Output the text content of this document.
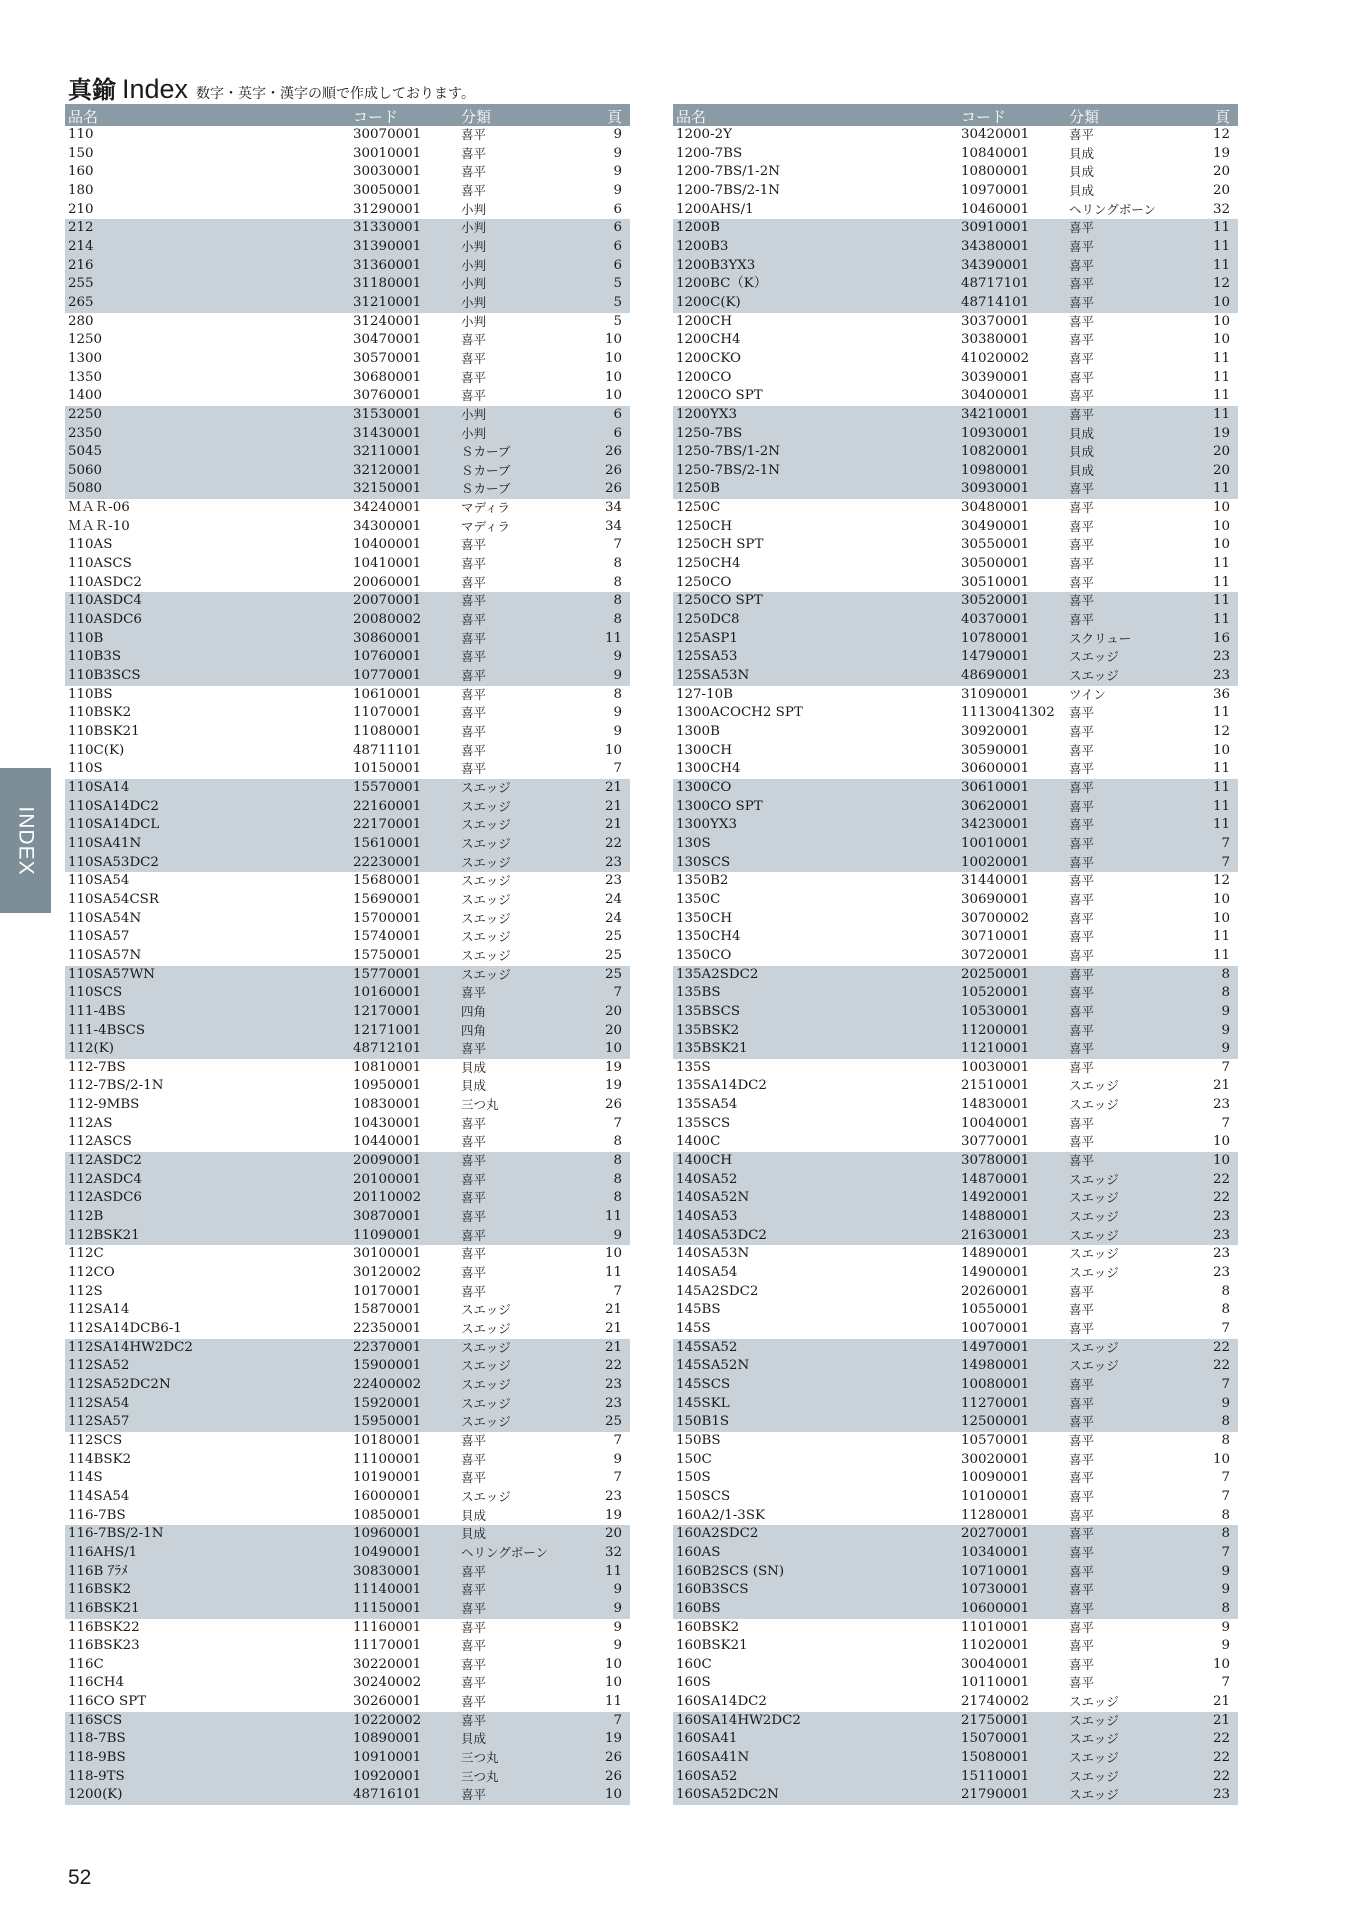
真鍮 Index 数字・英字・漢字の順で作成しております。
品名	コード	分類	頁
110	30070001	喜平	9
150	30010001	喜平	9
160	30030001	喜平	9
180	30050001	喜平	9
210	31290001	小判	6
212	31330001	小判	6
214	31390001	小判	6
216	31360001	小判	6
255	31180001	小判	5
265	31210001	小判	5
280	31240001	小判	5
1250	30470001	喜平	10
1300	30570001	喜平	10
1350	30680001	喜平	10
1400	30760001	喜平	10
2250	31530001	小判	6
2350	31430001	小判	6
5045	32110001	Ｓカーブ	26
5060	32120001	Ｓカーブ	26
5080	32150001	Ｓカーブ	26
ＭＡＲ-06	34240001	マディラ	34
ＭＡＲ-10	34300001	マディラ	34
110AS	10400001	喜平	7
110ASCS	10410001	喜平	8
110ASDC2	20060001	喜平	8
110ASDC4	20070001	喜平	8
110ASDC6	20080002	喜平	8
110B	30860001	喜平	11
110B3S	10760001	喜平	9
110B3SCS	10770001	喜平	9
110BS	10610001	喜平	8
110BSK2	11070001	喜平	9
110BSK21	11080001	喜平	9
110C(K)	48711101	喜平	10
110S	10150001	喜平	7
110SA14	15570001	スエッジ	21
110SA14DC2	22160001	スエッジ	21
110SA14DCL	22170001	スエッジ	21
110SA41N	15610001	スエッジ	22
110SA53DC2	22230001	スエッジ	23
110SA54	15680001	スエッジ	23
110SA54CSR	15690001	スエッジ	24
110SA54N	15700001	スエッジ	24
110SA57	15740001	スエッジ	25
110SA57N	15750001	スエッジ	25
110SA57WN	15770001	スエッジ	25
110SCS	10160001	喜平	7
111-4BS	12170001	四角	20
111-4BSCS	12171001	四角	20
112(K)	48712101	喜平	10
112-7BS	10810001	貝成	19
112-7BS/2-1N	10950001	貝成	19
112-9MBS	10830001	三つ丸	26
112AS	10430001	喜平	7
112ASCS	10440001	喜平	8
112ASDC2	20090001	喜平	8
112ASDC4	20100001	喜平	8
112ASDC6	20110002	喜平	8
112B	30870001	喜平	11
112BSK21	11090001	喜平	9
112C	30100001	喜平	10
112CO	30120002	喜平	11
112S	10170001	喜平	7
112SA14	15870001	スエッジ	21
112SA14DCB6-1	22350001	スエッジ	21
112SA14HW2DC2	22370001	スエッジ	21
112SA52	15900001	スエッジ	22
112SA52DC2N	22400002	スエッジ	23
112SA54	15920001	スエッジ	23
112SA57	15950001	スエッジ	25
112SCS	10180001	喜平	7
114BSK2	11100001	喜平	9
114S	10190001	喜平	7
114SA54	16000001	スエッジ	23
116-7BS	10850001	貝成	19
116-7BS/2-1N	10960001	貝成	20
116AHS/1	10490001	ヘリングボーン	32
116B ｱﾗﾒ	30830001	喜平	11
116BSK2	11140001	喜平	9
116BSK21	11150001	喜平	9
116BSK22	11160001	喜平	9
116BSK23	11170001	喜平	9
116C	30220001	喜平	10
116CH4	30240002	喜平	10
116CO SPT	30260001	喜平	11
116SCS	10220002	喜平	7
118-7BS	10890001	貝成	19
118-9BS	10910001	三つ丸	26
118-9TS	10920001	三つ丸	26
1200(K)	48716101	喜平	10
品名	コード	分類	頁
1200-2Y	30420001	喜平	12
1200-7BS	10840001	貝成	19
1200-7BS/1-2N	10800001	貝成	20
1200-7BS/2-1N	10970001	貝成	20
1200AHS/1	10460001	ヘリングボーン	32
1200B	30910001	喜平	11
1200B3	34380001	喜平	11
1200B3YX3	34390001	喜平	11
1200BC（K）	48717101	喜平	12
1200C(K)	48714101	喜平	10
1200CH	30370001	喜平	10
1200CH4	30380001	喜平	10
1200CKO	41020002	喜平	11
1200CO	30390001	喜平	11
1200CO SPT	30400001	喜平	11
1200YX3	34210001	喜平	11
1250-7BS	10930001	貝成	19
1250-7BS/1-2N	10820001	貝成	20
1250-7BS/2-1N	10980001	貝成	20
1250B	30930001	喜平	11
1250C	30480001	喜平	10
1250CH	30490001	喜平	10
1250CH SPT	30550001	喜平	10
1250CH4	30500001	喜平	11
1250CO	30510001	喜平	11
1250CO SPT	30520001	喜平	11
1250DC8	40370001	喜平	11
125ASP1	10780001	スクリュー	16
125SA53	14790001	スエッジ	23
125SA53N	48690001	スエッジ	23
127-10B	31090001	ツイン	36
1300ACOCH2 SPT	11130041302 喜平	11
1300B	30920001	喜平	12
1300CH	30590001	喜平	10
1300CH4	30600001	喜平	11
1300CO	30610001	喜平	11
1300CO SPT	30620001	喜平	11
1300YX3	34230001	喜平	11
130S	10010001	喜平	7
130SCS	10020001	喜平	7
1350B2	31440001	喜平	12
1350C	30690001	喜平	10
1350CH	30700002	喜平	10
1350CH4	30710001	喜平	11
1350CO	30720001	喜平	11
135A2SDC2	20250001	喜平	8
135BS	10520001	喜平	8
135BSCS	10530001	喜平	9
135BSK2	11200001	喜平	9
135BSK21	11210001	喜平	9
135S	10030001	喜平	7
135SA14DC2	21510001	スエッジ	21
135SA54	14830001	スエッジ	23
135SCS	10040001	喜平	7
1400C	30770001	喜平	10
1400CH	30780001	喜平	10
140SA52	14870001	スエッジ	22
140SA52N	14920001	スエッジ	22
140SA53	14880001	スエッジ	23
140SA53DC2	21630001	スエッジ	23
140SA53N	14890001	スエッジ	23
140SA54	14900001	スエッジ	23
145A2SDC2	20260001	喜平	8
145BS	10550001	喜平	8
145S	10070001	喜平	7
145SA52	14970001	スエッジ	22
145SA52N	14980001	スエッジ	22
145SCS	10080001	喜平	7
145SKL	11270001	喜平	9
150B1S	12500001	喜平	8
150BS	10570001	喜平	8
150C	30020001	喜平	10
150S	10090001	喜平	7
150SCS	10100001	喜平	7
160A2/1-3SK	11280001	喜平	8
160A2SDC2	20270001	喜平	8
160AS	10340001	喜平	7
160B2SCS (SN)	10710001	喜平	9
160B3SCS	10730001	喜平	9
160BS	10600001	喜平	8
160BSK2	11010001	喜平	9
160BSK21	11020001	喜平	9
160C	30040001	喜平	10
160S	10110001	喜平	7
160SA14DC2	21740002	スエッジ	21
160SA14HW2DC2	21750001	スエッジ	21
160SA41	15070001	スエッジ	22
160SA41N	15080001	スエッジ	22
160SA52	15110001	スエッジ	22
160SA52DC2N	21790001	スエッジ	23
INDEX
52
